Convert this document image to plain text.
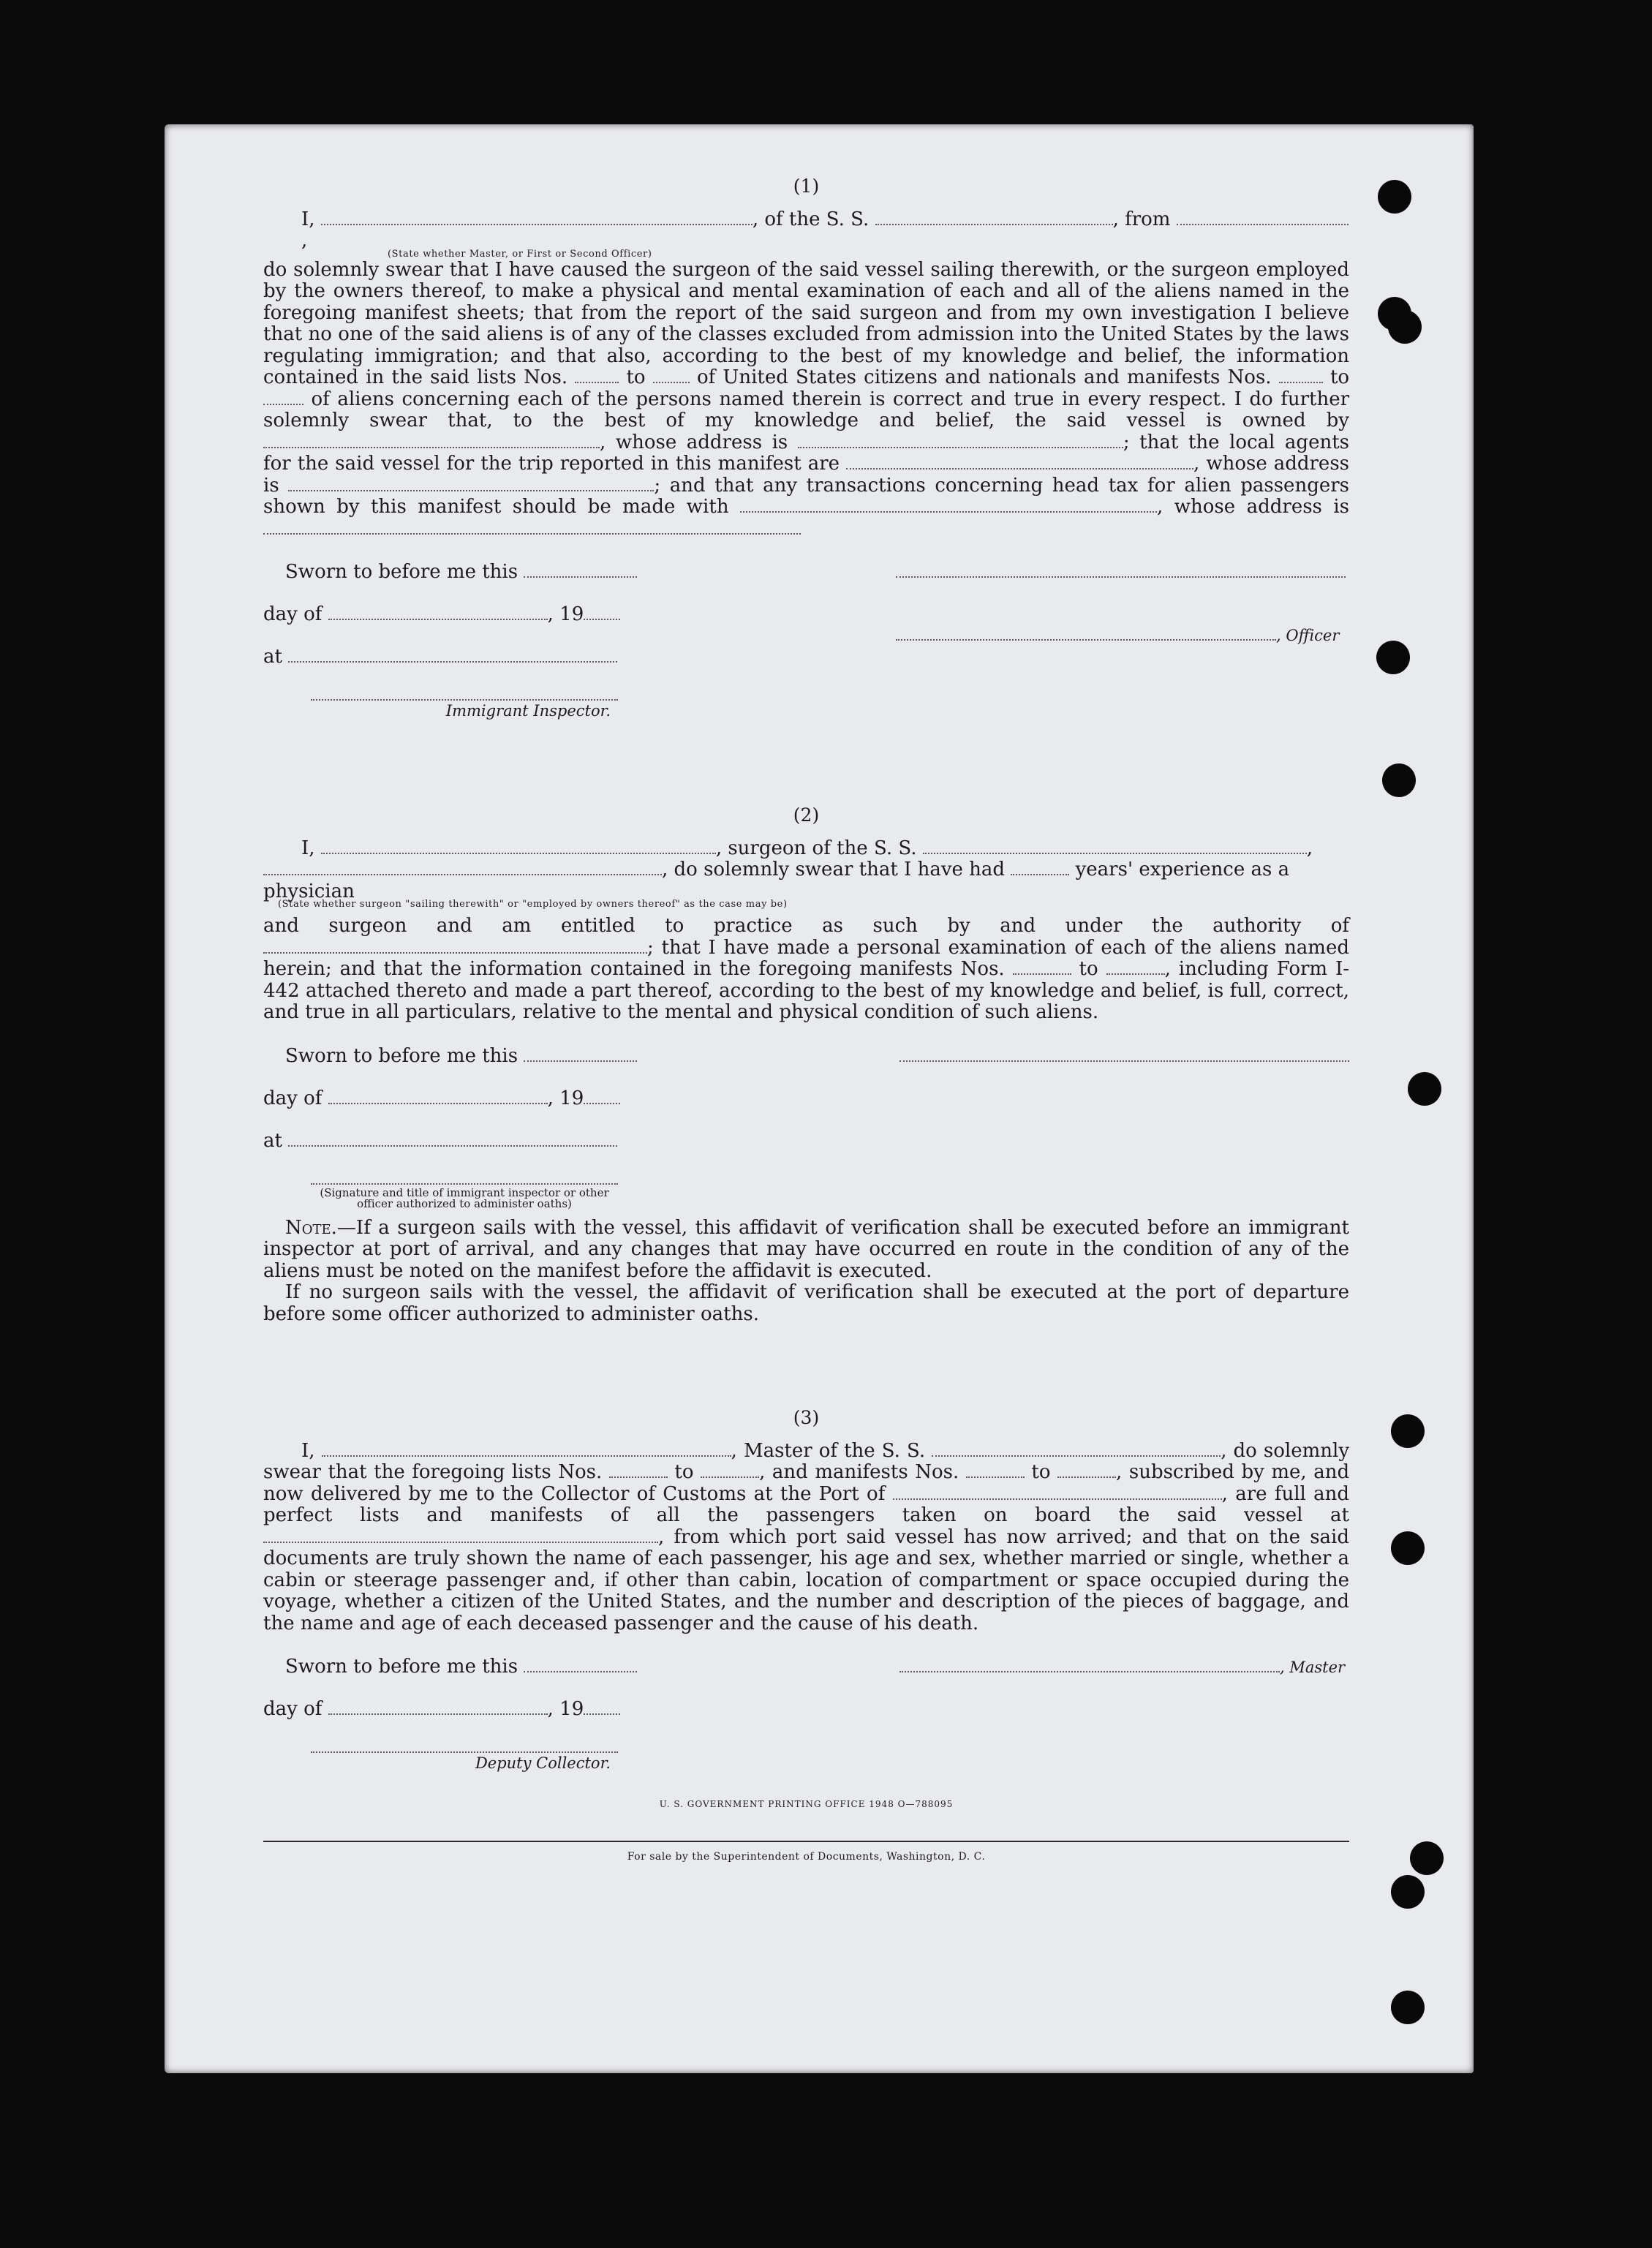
(1)
I,	, of the S. S.	, from ,
(State whether Master, or First or Second Officer)
do solemnly swear that I have caused the surgeon of the said vessel sailing therewith, or the surgeon employed by the owners thereof, to make a physical and mental examination of each and all of the aliens named in the foregoing manifest sheets; that from the report of the said surgeon and from my own investigation I believe that no one of the said aliens is of any of the classes excluded from admission into the United States by the laws regulating immigration; and that also, according to the best of my knowledge and belief, the information contained in the said lists Nos.	to	of United States citizens and nationals and manifests Nos.	to  of aliens concerning each of the persons named therein is correct and true in every respect. I do further solemnly swear that, to the best of my knowledge and belief, the said vessel is owned by , whose address is	; that the local agents for the said vessel for the trip reported in this manifest are	, whose address is	; and that any transactions concerning head tax for alien passengers shown by this manifest should be made with	, whose address is
Sworn to before me this
day of	, 19
at
Immigrant Inspector.
, Officer
(2)
I,	, surgeon of the S. S.	,
, do solemnly swear that I have had	years' experience as a physician
(State whether surgeon "sailing therewith" or "employed by owners thereof" as the case may be)
and surgeon and am entitled to practice as such by and under the authority of ; that I have made a personal examination of each of the aliens named herein; and that the information contained in the foregoing manifests Nos.	to	, including Form I-442 attached thereto and made a part thereof, according to the best of my knowledge and belief, is full, correct, and true in all particulars, relative to the mental and physical condition of such aliens.
Sworn to before me this
day of	, 19
at
(Signature and title of immigrant inspector or other officer authorized to administer oaths)
Note.—If a surgeon sails with the vessel, this affidavit of verification shall be executed before an immigrant inspector at port of arrival, and any changes that may have occurred en route in the condition of any of the aliens must be noted on the manifest before the affidavit is executed.
If no surgeon sails with the vessel, the affidavit of verification shall be executed at the port of departure before some officer authorized to administer oaths.
(3)
I,	, Master of the S. S.	, do solemnly swear that the foregoing lists Nos.	to	, and manifests Nos.	to	, subscribed by me, and now delivered by me to the Collector of Customs at the Port of	, are full and perfect lists and manifests of all the passengers taken on board the said vessel at , from which port said vessel has now arrived; and that on the said documents are truly shown the name of each passenger, his age and sex, whether married or single, whether a cabin or steerage passenger and, if other than cabin, location of compartment or space occupied during the voyage, whether a citizen of the United States, and the number and description of the pieces of baggage, and the name and age of each deceased passenger and the cause of his death.
Sworn to before me this
day of	, 19
Deputy Collector.
, Master
U. S. GOVERNMENT PRINTING OFFICE 1948 O—788095
For sale by the Superintendent of Documents, Washington, D. C.
